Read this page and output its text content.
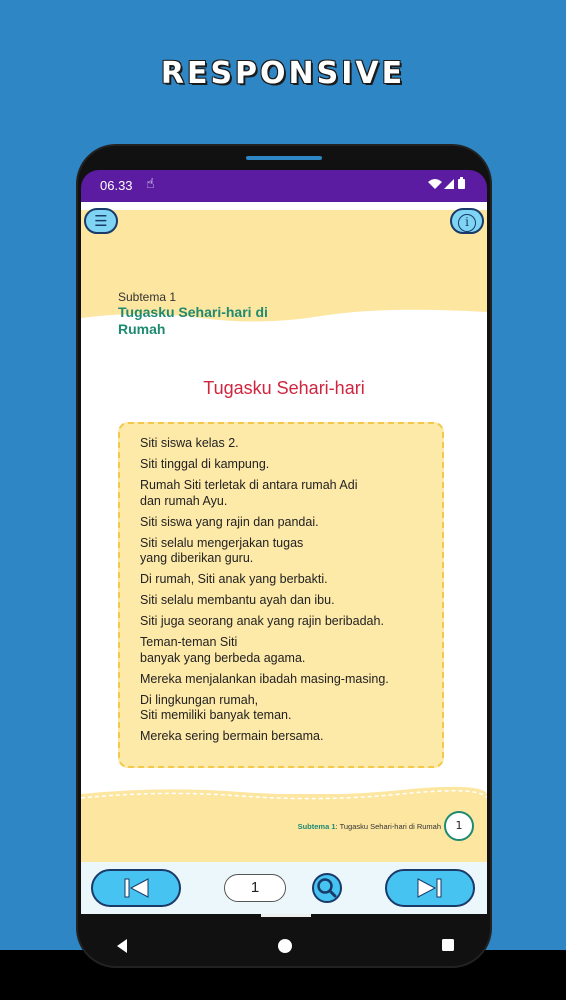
RESPONSIVE
06.33 ☝
☰	i
Subtema 1
Tugasku Sehari-hari di Rumah
Tugasku Sehari-hari
Siti siswa kelas 2.
Siti tinggal di kampung.
Rumah Siti terletak di antara rumah Adi
dan rumah Ayu.
Siti siswa yang rajin dan pandai.
Siti selalu mengerjakan tugas
yang diberikan guru.
Di rumah, Siti anak yang berbakti.
Siti selalu membantu ayah dan ibu.
Siti juga seorang anak yang rajin beribadah.
Teman-teman Siti
banyak yang berbeda agama.
Mereka menjalankan ibadah masing-masing.
Di lingkungan rumah,
Siti memiliki banyak teman.
Mereka sering bermain bersama.
Subtema 1: Tugasku Sehari-hari di Rumah	1
1
